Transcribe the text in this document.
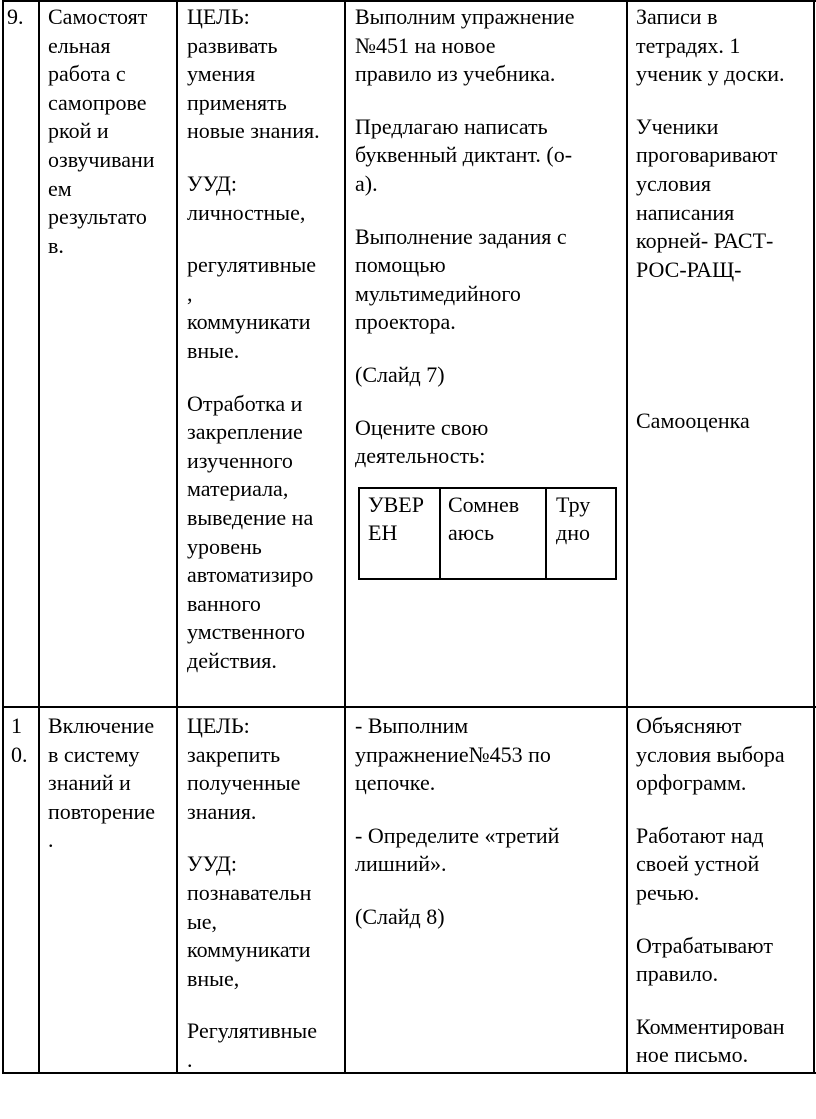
9.	Самостоят
ельная
работа с
самопрове
ркой и
озвучивани
ем
результато
в.

ЦЕЛЬ:
развивать
умения
применять
новые знания.

УУД:
личностные,

регулятивные
,
коммуникати
вные.

Отработка и
закрепление
изученного
материала,
выведение на
уровень
автоматизиро
ванного
умственного
действия.

Выполним упражнение
№451 на новое
правило из учебника.

Предлагаю написать
буквенный диктант. (о-
а).

Выполнение задания с
помощью
мультимедийного
проектора.

(Слайд 7)

Оцените свою
деятельность:

Записи в
тетрадях. 1
ученик у доски.

Ученики
проговаривают
условия
написания
корней- РАСТ-
РОС-РАЩ-

Самооценка

УВЕР
ЕН
Сомнев
аюсь
Тру
дно

1
0.

Включение
в систему
знаний и
повторение
.

ЦЕЛЬ:
закрепить
полученные
знания.

УУД:
познавательн
ые,
коммуникати
вные,

Регулятивные
.

- Выполним
упражнение№453 по
цепочке.

- Определите «третий
лишний».

(Слайд 8)

Объясняют
условия выбора
орфограмм.

Работают над
своей устной
речью.

Отрабатывают
правило.

Комментирован
ное письмо.
